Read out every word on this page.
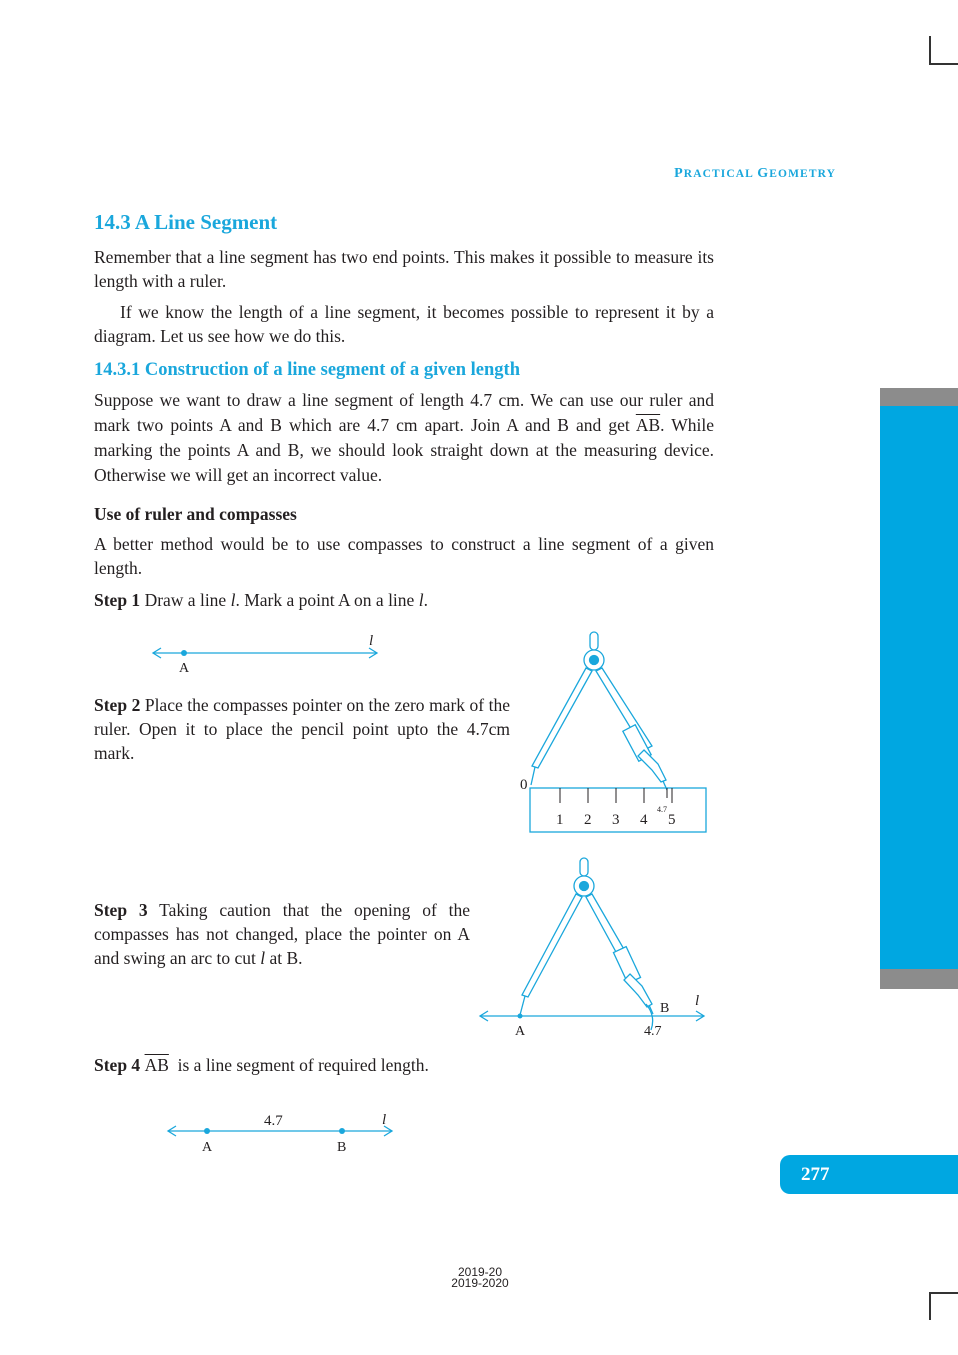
PRACTICAL GEOMETRY
14.3 A Line Segment

Remember that a line segment has two end points. This makes it possible to measure its length with a ruler.

If we know the length of a line segment, it becomes possible to represent it by a diagram. Let us see how we do this.

14.3.1 Construction of a line segment of a given length

Suppose we want to draw a line segment of length 4.7 cm. We can use our ruler and mark two points A and B which are 4.7 cm apart. Join A and B and get $\overline{AB}$. While marking the points A and B, we should look straight down at the measuring device. Otherwise we will get an incorrect value.

Use of ruler and compasses

A better method would be to use compasses to construct a line segment of a given length.

Step 1 Draw a line l. Mark a point A on a line l.

A
l

Step 2 Place the compasses pointer on the zero mark of the ruler. Open it to place the pencil point upto the 4.7cm mark.

0
1 2 3 4 5
4.7

Step 3 Taking caution that the opening of the compasses has not changed, place the pointer on A and swing an arc to cut l at B.

A
B l
4.7

Step 4 $\overline{AB}$ is a line segment of required length.

A	B
4.7	l
277
2019-20
2019-2020
